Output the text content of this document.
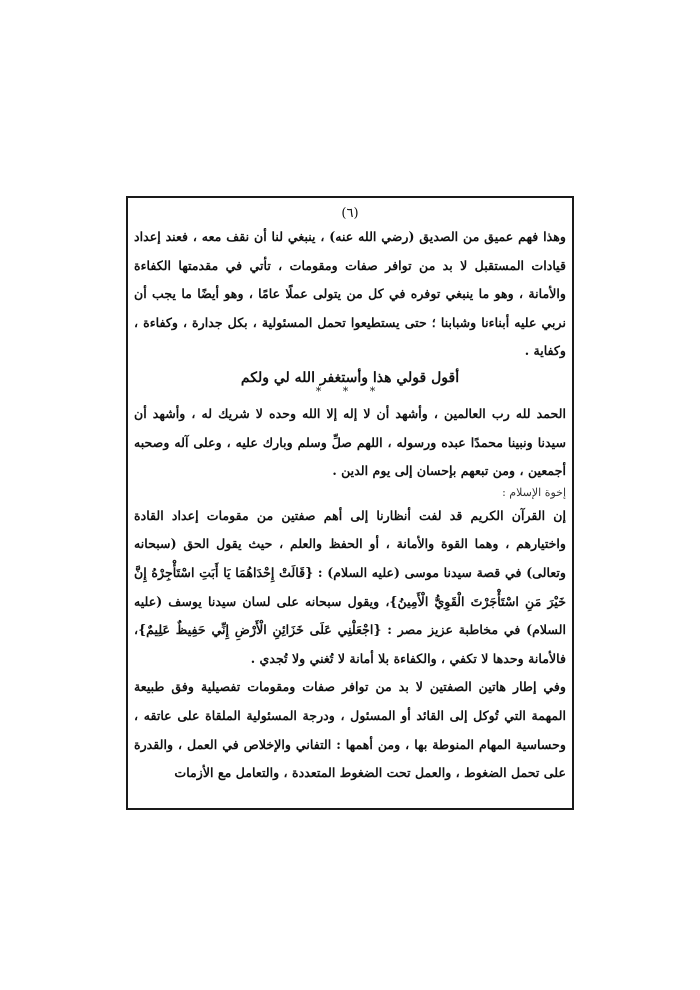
(٦)

وهذا فهم عميق من الصديق (رضي الله عنه) ، ينبغي لنا أن نقف معه ، فعند إعداد قيادات المستقبل لا بد من توافر صفات ومقومات ، تأتي في مقدمتها الكفاءة والأمانة ، وهو ما ينبغي توفره في كل من يتولى عملًا عامًا ، وهو أيضًا ما يجب أن نربي عليه أبناءنا وشبابنا ؛ حتى يستطيعوا تحمل المسئولية ، بكل جدارة ، وكفاءة ، وكفاية .

أقول قولي هذا وأستغفر الله لي ولكم
* * *

الحمد لله رب العالمين ، وأشهد أن لا إله إلا الله وحده لا شريك له ، وأشهد أن سيدنا ونبينا محمدًا عبده ورسوله ، اللهم صلِّ وسلم وبارك عليه ، وعلى آله وصحبه أجمعين ، ومن تبعهم بإحسان إلى يوم الدين .

إخوة الإسلام :

إن القرآن الكريم قد لفت أنظارنا إلى أهم صفتين من مقومات إعداد القادة واختيارهم ، وهما القوة والأمانة ، أو الحفظ والعلم ، حيث يقول الحق (سبحانه وتعالى) في قصة سيدنا موسى (عليه السلام) : {قَالَتْ إِحْدَاهُمَا يَا أَبَتِ اسْتَأْجِرْهُ إِنَّ خَيْرَ مَنِ اسْتَأْجَرْتَ الْقَوِيُّ الْأَمِينُ}، ويقول سبحانه على لسان سيدنا يوسف (عليه السلام) في مخاطبة عزيز مصر : {اجْعَلْنِي عَلَى خَزَائِنِ الْأَرْضِ إِنِّي حَفِيظٌ عَلِيمٌ}، فالأمانة وحدها لا تكفي ، والكفاءة بلا أمانة لا تُغني ولا تُجدي .

وفي إطار هاتين الصفتين لا بد من توافر صفات ومقومات تفصيلية وفق طبيعة المهمة التي تُوكل إلى القائد أو المسئول ، ودرجة المسئولية الملقاة على عاتقه ، وحساسية المهام المنوطة بها ، ومن أهمها : التفاني والإخلاص في العمل ، والقدرة على تحمل الضغوط ، والعمل تحت الضغوط المتعددة ، والتعامل مع الأزمات
